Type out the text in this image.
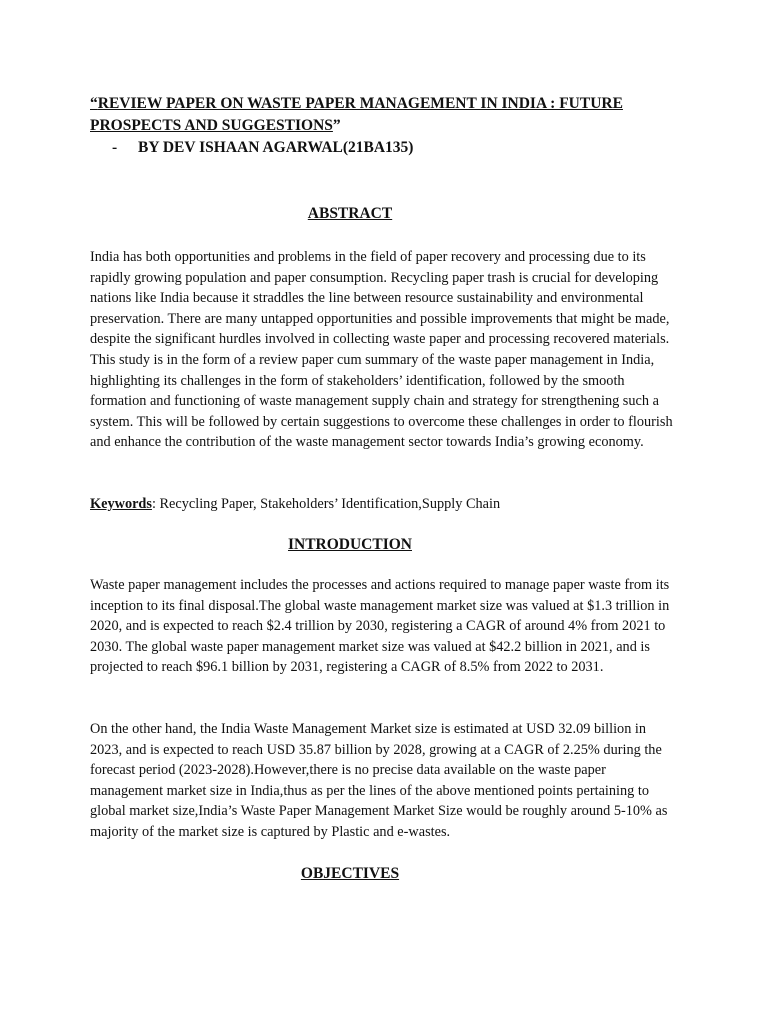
“REVIEW PAPER ON WASTE PAPER MANAGEMENT IN INDIA : FUTURE PROSPECTS AND SUGGESTIONS”

-	BY DEV ISHAAN AGARWAL(21BA135)

ABSTRACT

India has both opportunities and problems in the field of paper recovery and processing due to its rapidly growing population and paper consumption. Recycling paper trash is crucial for developing nations like India because it straddles the line between resource sustainability and environmental preservation. There are many untapped opportunities and possible improvements that might be made, despite the significant hurdles involved in collecting waste paper and processing recovered materials. This study is in the form of a review paper cum summary of the waste paper management in India, highlighting its challenges in the form of stakeholders’ identification, followed by the smooth formation and functioning of waste management supply chain and strategy for strengthening such a system. This will be followed by certain suggestions to overcome these challenges in order to flourish and enhance the contribution of the waste management sector towards India’s growing economy.

Keywords: Recycling Paper, Stakeholders’ Identification,Supply Chain

INTRODUCTION

Waste paper management includes the processes and actions required to manage paper waste from its inception to its final disposal.The global waste management market size was valued at $1.3 trillion in 2020, and is expected to reach $2.4 trillion by 2030, registering a CAGR of around 4% from 2021 to 2030. The global waste paper management market size was valued at $42.2 billion in 2021, and is projected to reach $96.1 billion by 2031, registering a CAGR of 8.5% from 2022 to 2031.

On the other hand, the India Waste Management Market size is estimated at USD 32.09 billion in 2023, and is expected to reach USD 35.87 billion by 2028, growing at a CAGR of 2.25% during the forecast period (2023-2028).However,there is no precise data available on the waste paper management market size in India,thus as per the lines of the above mentioned points pertaining to global market size,India’s Waste Paper Management Market Size would be roughly around 5-10% as majority of the market size is captured by Plastic and e-wastes.

OBJECTIVES
